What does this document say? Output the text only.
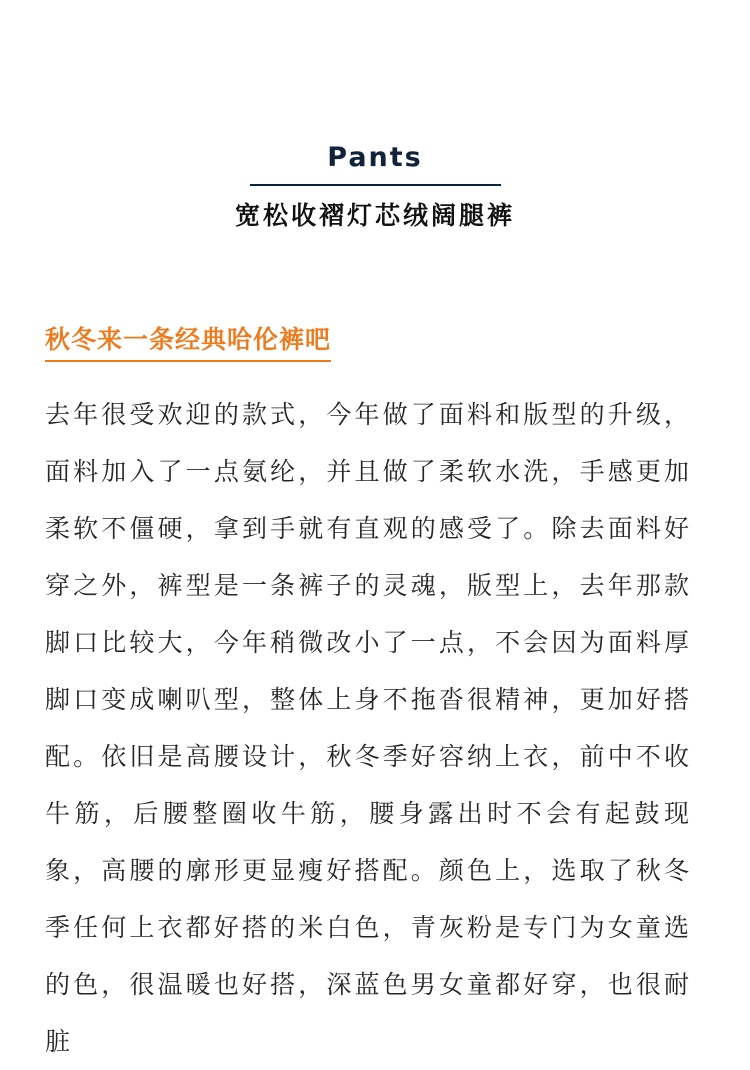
Pants
宽松收褶灯芯绒阔腿裤
秋冬来一条经典哈伦裤吧

去年很受欢迎的款式，今年做了面料和版型的升级，面料加入了一点氨纶，并且做了柔软水洗，手感更加柔软不僵硬，拿到手就有直观的感受了。除去面料好穿之外，裤型是一条裤子的灵魂，版型上，去年那款脚口比较大，今年稍微改小了一点，不会因为面料厚脚口变成喇叭型，整体上身不拖沓很精神，更加好搭配。依旧是高腰设计，秋冬季好容纳上衣，前中不收牛筋，后腰整圈收牛筋，腰身露出时不会有起鼓现象，高腰的廓形更显瘦好搭配。颜色上，选取了秋冬季任何上衣都好搭的米白色，青灰粉是专门为女童选的色，很温暖也好搭，深蓝色男女童都好穿，也很耐脏
